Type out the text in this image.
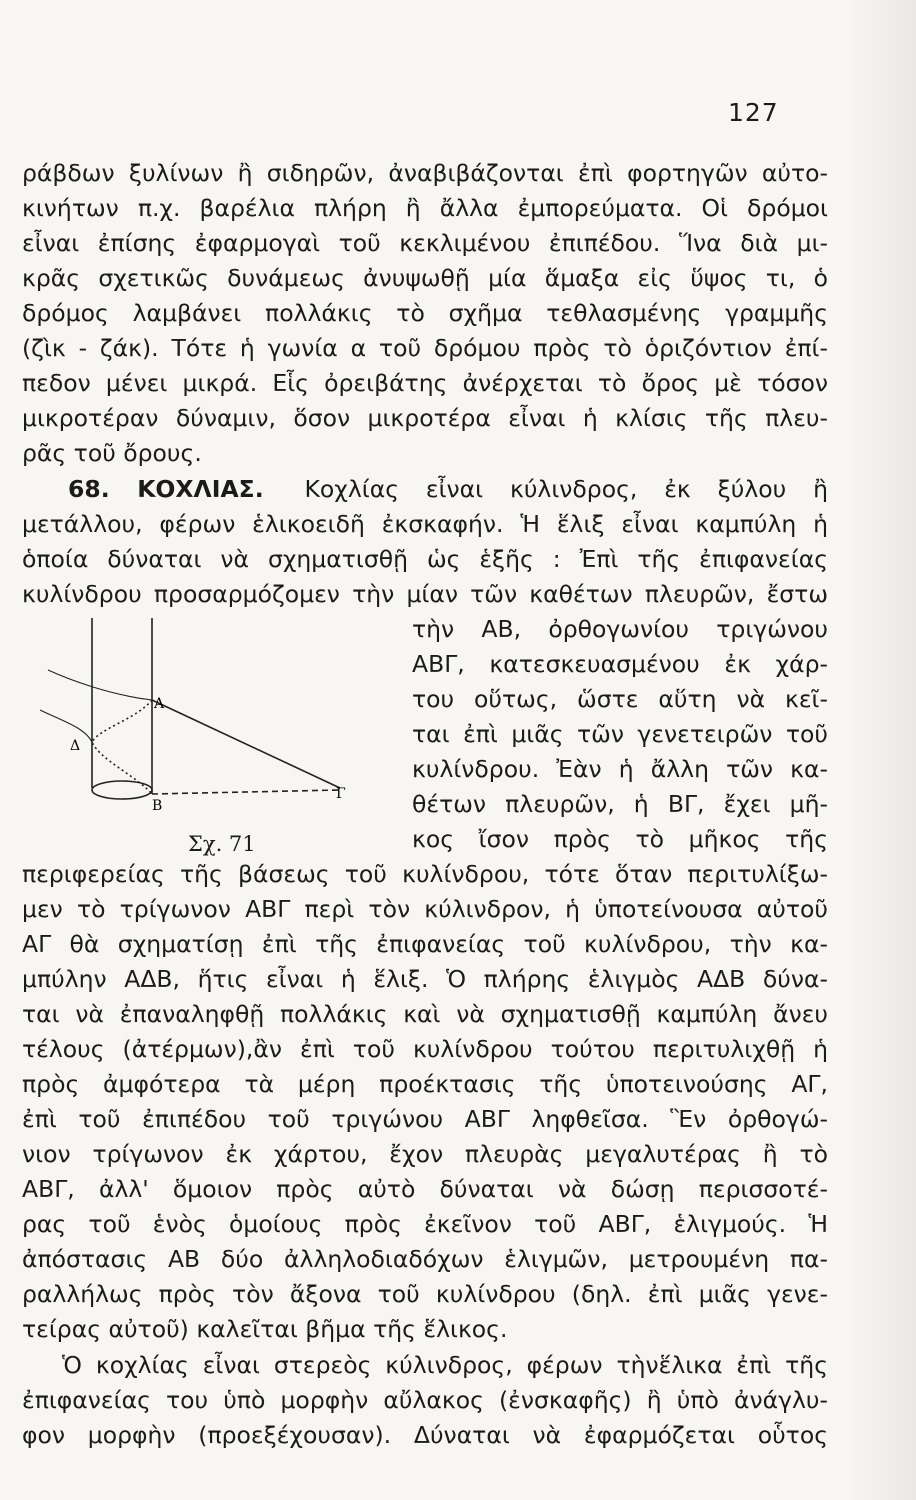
127
ράβδων ξυλίνων ἢ σιδηρῶν, ἀναβιβάζονται ἐπὶ φορτηγῶν αὐτο-
κινήτων π.χ. βαρέλια πλήρη ἢ ἄλλα ἐμπορεύματα. Οἱ δρόμοι
εἶναι ἐπίσης ἐφαρμογαὶ τοῦ κεκλιμένου ἐπιπέδου. Ἵνα διὰ μι-
κρᾶς σχετικῶς δυνάμεως ἀνυψωθῇ μία ἅμαξα εἰς ὕψος τι, ὁ
δρόμος λαμβάνει πολλάκις τὸ σχῆμα τεθλασμένης γραμμῆς
(ζὶκ - ζάκ). Τότε ἡ γωνία α τοῦ δρόμου πρὸς τὸ ὁριζόντιον ἐπί-
πεδον μένει μικρά. Εἷς ὀρειβάτης ἀνέρχεται τὸ ὄρος μὲ τόσον
μικροτέραν δύναμιν, ὅσον μικροτέρα εἶναι ἡ κλίσις τῆς πλευ-
ρᾶς τοῦ ὄρους.
68. ΚΟΧΛΙΑΣ. Κοχλίας εἶναι κύλινδρος, ἐκ ξύλου ἢ
μετάλλου, φέρων ἑλικοειδῆ ἐκσκαφήν. Ἡ ἕλιξ εἶναι καμπύλη ἡ
ὁποία δύναται νὰ σχηματισθῇ ὡς ἑξῆς : Ἐπὶ τῆς ἐπιφανείας
κυλίνδρου προσαρμόζομεν τὴν μίαν τῶν καθέτων πλευρῶν, ἔστω
Α
Β
Γ
Δ
Σχ. 71
τὴν ΑΒ, ὀρθογωνίου τριγώνου
ΑΒΓ, κατεσκευασμένου ἐκ χάρ-
του οὕτως, ὥστε αὕτη νὰ κεῖ-
ται ἐπὶ μιᾶς τῶν γενετειρῶν τοῦ
κυλίνδρου. Ἐὰν ἡ ἄλλη τῶν κα-
θέτων πλευρῶν, ἡ ΒΓ, ἔχει μῆ-
κος ἴσον πρὸς τὸ μῆκος τῆς
περιφερείας τῆς βάσεως τοῦ κυλίνδρου, τότε ὅταν περιτυλίξω-
μεν τὸ τρίγωνον ΑΒΓ περὶ τὸν κύλινδρον, ἡ ὑποτείνουσα αὐτοῦ
ΑΓ θὰ σχηματίσῃ ἐπὶ τῆς ἐπιφανείας τοῦ κυλίνδρου, τὴν κα-
μπύλην ΑΔΒ, ἥτις εἶναι ἡ ἕλιξ. Ὁ πλήρης ἑλιγμὸς ΑΔΒ δύνα-
ται νὰ ἐπαναληφθῇ πολλάκις καὶ νὰ σχηματισθῇ καμπύλη ἄνευ
τέλους (ἀτέρμων),ἂν ἐπὶ τοῦ κυλίνδρου τούτου περιτυλιχθῇ ἡ
πρὸς ἀμφότερα τὰ μέρη προέκτασις τῆς ὑποτεινούσης ΑΓ,
ἐπὶ τοῦ ἐπιπέδου τοῦ τριγώνου ΑΒΓ ληφθεῖσα. Ἓν ὀρθογώ-
νιον τρίγωνον ἐκ χάρτου, ἔχον πλευρὰς μεγαλυτέρας ἢ τὸ
ΑΒΓ, ἀλλ' ὅμοιον πρὸς αὐτὸ δύναται νὰ δώσῃ περισσοτέ-
ρας τοῦ ἑνὸς ὁμοίους πρὸς ἐκεῖνον τοῦ ΑΒΓ, ἑλιγμούς. Ἡ
ἀπόστασις ΑΒ δύο ἀλληλοδιαδόχων ἑλιγμῶν, μετρουμένη πα-
ραλλήλως πρὸς τὸν ἄξονα τοῦ κυλίνδρου (δηλ. ἐπὶ μιᾶς γενε-
τείρας αὐτοῦ) καλεῖται βῆμα τῆς ἕλικος.
Ὁ κοχλίας εἶναι στερεὸς κύλινδρος, φέρων τὴνἕλικα ἐπὶ τῆς
ἐπιφανείας του ὑπὸ μορφὴν αὔλακος (ἐνσκαφῆς) ἢ ὑπὸ ἀνάγλυ-
φον μορφὴν (προεξέχουσαν). Δύναται νὰ ἐφαρμόζεται οὗτος
